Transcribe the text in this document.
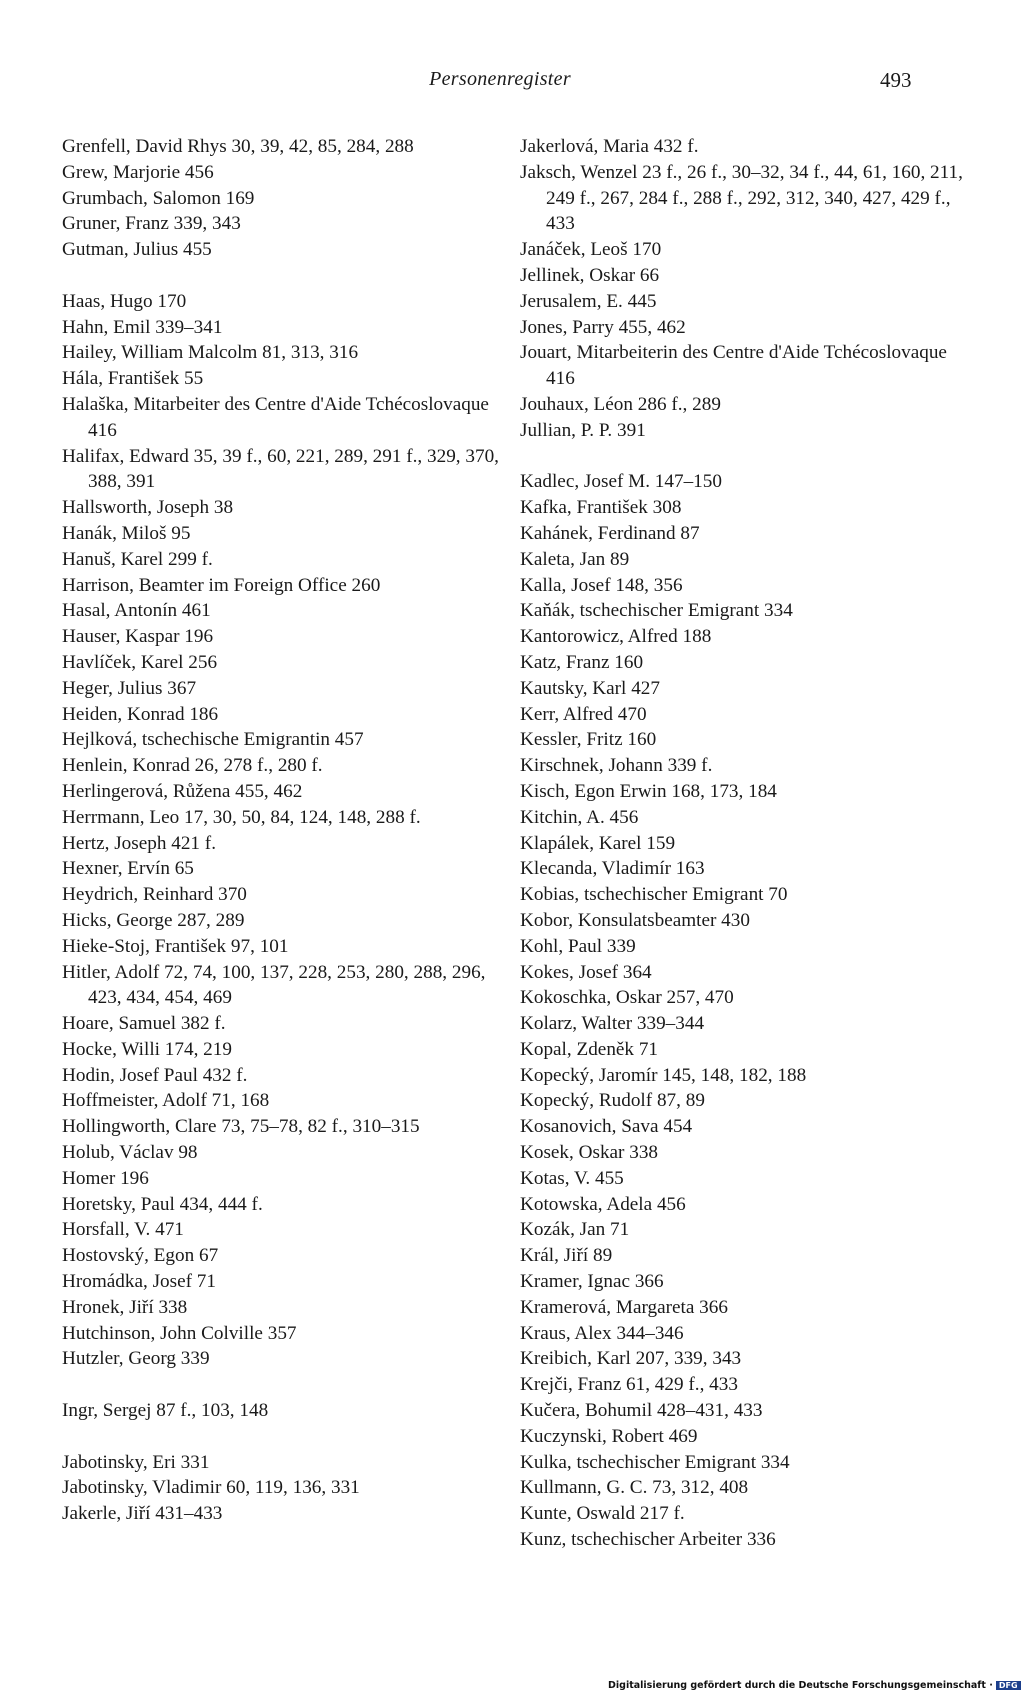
Personenregister	493
Grenfell, David Rhys 30, 39, 42, 85, 284, 288
Grew, Marjorie 456
Grumbach, Salomon 169
Gruner, Franz 339, 343
Gutman, Julius 455
Haas, Hugo 170
Hahn, Emil 339–341
Hailey, William Malcolm 81, 313, 316
Hála, František 55
Halaška, Mitarbeiter des Centre d'Aide Tchécoslovaque 416
Halifax, Edward 35, 39 f., 60, 221, 289, 291 f., 329, 370, 388, 391
Hallsworth, Joseph 38
Hanák, Miloš 95
Hanuš, Karel 299 f.
Harrison, Beamter im Foreign Office 260
Hasal, Antonín 461
Hauser, Kaspar 196
Havlíček, Karel 256
Heger, Julius 367
Heiden, Konrad 186
Hejlková, tschechische Emigrantin 457
Henlein, Konrad 26, 278 f., 280 f.
Herlingerová, Růžena 455, 462
Herrmann, Leo 17, 30, 50, 84, 124, 148, 288 f.
Hertz, Joseph 421 f.
Hexner, Ervín 65
Heydrich, Reinhard 370
Hicks, George 287, 289
Hieke-Stoj, František 97, 101
Hitler, Adolf 72, 74, 100, 137, 228, 253, 280, 288, 296, 423, 434, 454, 469
Hoare, Samuel 382 f.
Hocke, Willi 174, 219
Hodin, Josef Paul 432 f.
Hoffmeister, Adolf 71, 168
Hollingworth, Clare 73, 75–78, 82 f., 310–315
Holub, Václav 98
Homer 196
Horetsky, Paul 434, 444 f.
Horsfall, V. 471
Hostovský, Egon 67
Hromádka, Josef 71
Hronek, Jiří 338
Hutchinson, John Colville 357
Hutzler, Georg 339
Ingr, Sergej 87 f., 103, 148
Jabotinsky, Eri 331
Jabotinsky, Vladimir 60, 119, 136, 331
Jakerle, Jiří 431–433
Jakerlová, Maria 432 f.
Jaksch, Wenzel 23 f., 26 f., 30–32, 34 f., 44, 61, 160, 211, 249 f., 267, 284 f., 288 f., 292, 312, 340, 427, 429 f., 433
Janáček, Leoš 170
Jellinek, Oskar 66
Jerusalem, E. 445
Jones, Parry 455, 462
Jouart, Mitarbeiterin des Centre d'Aide Tchécoslovaque 416
Jouhaux, Léon 286 f., 289
Jullian, P. P. 391
Kadlec, Josef M. 147–150
Kafka, František 308
Kahánek, Ferdinand 87
Kaleta, Jan 89
Kalla, Josef 148, 356
Kaňák, tschechischer Emigrant 334
Kantorowicz, Alfred 188
Katz, Franz 160
Kautsky, Karl 427
Kerr, Alfred 470
Kessler, Fritz 160
Kirschnek, Johann 339 f.
Kisch, Egon Erwin 168, 173, 184
Kitchin, A. 456
Klapálek, Karel 159
Klecanda, Vladimír 163
Kobias, tschechischer Emigrant 70
Kobor, Konsulatsbeamter 430
Kohl, Paul 339
Kokes, Josef 364
Kokoschka, Oskar 257, 470
Kolarz, Walter 339–344
Kopal, Zdeněk 71
Kopecký, Jaromír 145, 148, 182, 188
Kopecký, Rudolf 87, 89
Kosanovich, Sava 454
Kosek, Oskar 338
Kotas, V. 455
Kotowska, Adela 456
Kozák, Jan 71
Král, Jiří 89
Kramer, Ignac 366
Kramerová, Margareta 366
Kraus, Alex 344–346
Kreibich, Karl 207, 339, 343
Krejči, Franz 61, 429 f., 433
Kučera, Bohumil 428–431, 433
Kuczynski, Robert 469
Kulka, tschechischer Emigrant 334
Kullmann, G. C. 73, 312, 408
Kunte, Oswald 217 f.
Kunz, tschechischer Arbeiter 336
Digitalisierung gefördert durch die Deutsche Forschungsgemeinschaft · DFG
